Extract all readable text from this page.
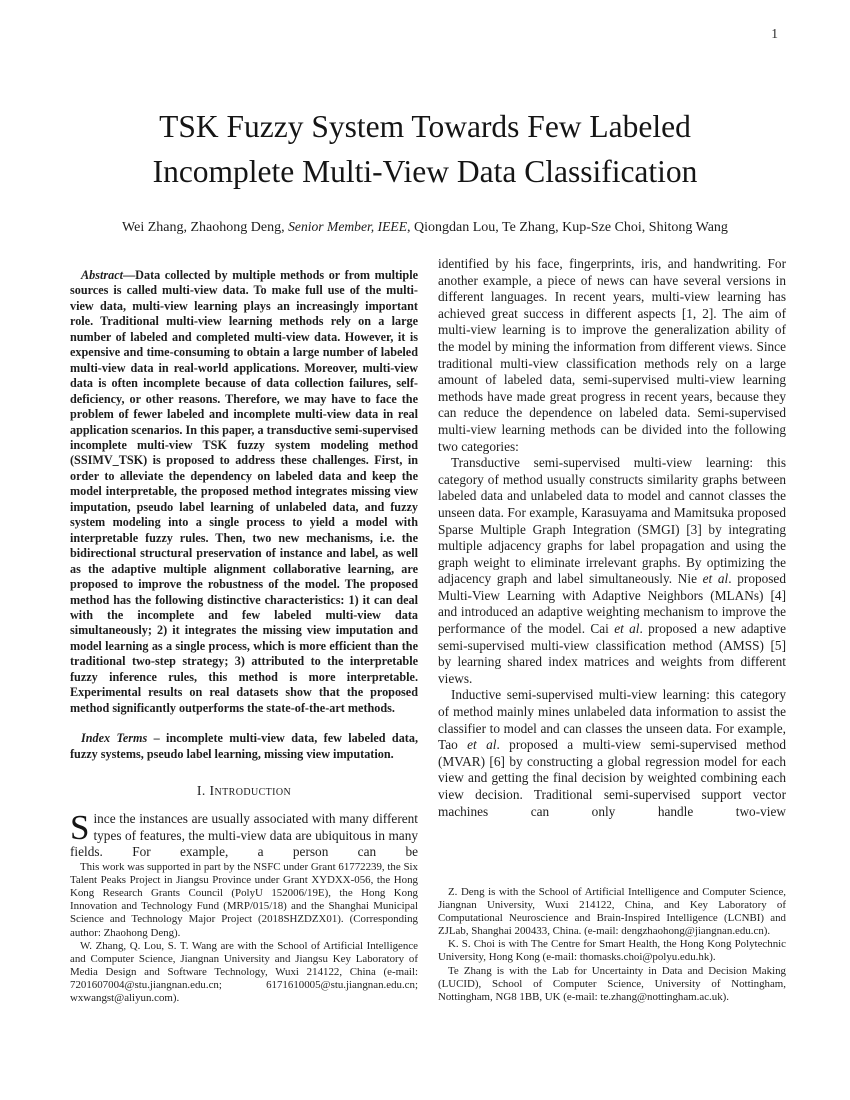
1
TSK Fuzzy System Towards Few Labeled
Incomplete Multi-View Data Classification
Wei Zhang, Zhaohong Deng, Senior Member, IEEE, Qiongdan Lou, Te Zhang, Kup-Sze Choi, Shitong Wang

Abstract—Data collected by multiple methods or from multiple sources is called multi-view data. To make full use of the multi-view data, multi-view learning plays an increasingly important role. Traditional multi-view learning methods rely on a large number of labeled and completed multi-view data. However, it is expensive and time-consuming to obtain a large number of labeled multi-view data in real-world applications. Moreover, multi-view data is often incomplete because of data collection failures, self-deficiency, or other reasons. Therefore, we may have to face the problem of fewer labeled and incomplete multi-view data in real application scenarios. In this paper, a transductive semi-supervised incomplete multi-view TSK fuzzy system modeling method (SSIMV_TSK) is proposed to address these challenges. First, in order to alleviate the dependency on labeled data and keep the model interpretable, the proposed method integrates missing view imputation, pseudo label learning of unlabeled data, and fuzzy system modeling into a single process to yield a model with interpretable fuzzy rules. Then, two new mechanisms, i.e. the bidirectional structural preservation of instance and label, as well as the adaptive multiple alignment collaborative learning, are proposed to improve the robustness of the model. The proposed method has the following distinctive characteristics: 1) it can deal with the incomplete and few labeled multi-view data simultaneously; 2) it integrates the missing view imputation and model learning as a single process, which is more efficient than the traditional two-step strategy; 3) attributed to the interpretable fuzzy inference rules, this method is more interpretable. Experimental results on real datasets show that the proposed method significantly outperforms the state-of-the-art methods.

Index Terms – incomplete multi-view data, few labeled data, fuzzy systems, pseudo label learning, missing view imputation.

I. Introduction

Since the instances are usually associated with many different types of features, the multi-view data are ubiquitous in many fields. For example, a person can be

This work was supported in part by the NSFC under Grant 61772239, the Six Talent Peaks Project in Jiangsu Province under Grant XYDXX-056, the Hong Kong Research Grants Council (PolyU 152006/19E), the Hong Kong Innovation and Technology Fund (MRP/015/18) and the Shanghai Municipal Science and Technology Major Project (2018SHZDZX01). (Corresponding author: Zhaohong Deng).

W. Zhang, Q. Lou, S. T. Wang are with the School of Artificial Intelligence and Computer Science, Jiangnan University and Jiangsu Key Laboratory of Media Design and Software Technology, Wuxi 214122, China (e-mail: 7201607004@stu.jiangnan.edu.cn; 6171610005@stu.jiangnan.edu.cn; wxwangst@aliyun.com).

identified by his face, fingerprints, iris, and handwriting. For another example, a piece of news can have several versions in different languages. In recent years, multi-view learning has achieved great success in different aspects [1, 2]. The aim of multi-view learning is to improve the generalization ability of the model by mining the information from different views. Since traditional multi-view classification methods rely on a large amount of labeled data, semi-supervised multi-view learning methods have made great progress in recent years, because they can reduce the dependence on labeled data. Semi-supervised multi-view learning methods can be divided into the following two categories:

Transductive semi-supervised multi-view learning: this category of method usually constructs similarity graphs between labeled data and unlabeled data to model and cannot classes the unseen data. For example, Karasuyama and Mamitsuka proposed Sparse Multiple Graph Integration (SMGI) [3] by integrating multiple adjacency graphs for label propagation and using the graph weight to eliminate irrelevant graphs. By optimizing the adjacency graph and label simultaneously. Nie et al. proposed Multi-View Learning with Adaptive Neighbors (MLANs) [4] and introduced an adaptive weighting mechanism to improve the performance of the model. Cai et al. proposed a new adaptive semi-supervised multi-view classification method (AMSS) [5] by learning shared index matrices and weights from different views.

Inductive semi-supervised multi-view learning: this category of method mainly mines unlabeled data information to assist the classifier to model and can classes the unseen data. For example, Tao et al. proposed a multi-view semi-supervised method (MVAR) [6] by constructing a global regression model for each view and getting the final decision by weighted combining each view decision. Traditional semi-supervised support vector machines can only handle two-view

Z. Deng is with the School of Artificial Intelligence and Computer Science, Jiangnan University, Wuxi 214122, China, and Key Laboratory of Computational Neuroscience and Brain-Inspired Intelligence (LCNBI) and ZJLab, Shanghai 200433, China. (e-mail: dengzhaohong@jiangnan.edu.cn).

K. S. Choi is with The Centre for Smart Health, the Hong Kong Polytechnic University, Hong Kong (e-mail: thomasks.choi@polyu.edu.hk).

Te Zhang is with the Lab for Uncertainty in Data and Decision Making (LUCID), School of Computer Science, University of Nottingham, Nottingham, NG8 1BB, UK (e-mail: te.zhang@nottingham.ac.uk).
